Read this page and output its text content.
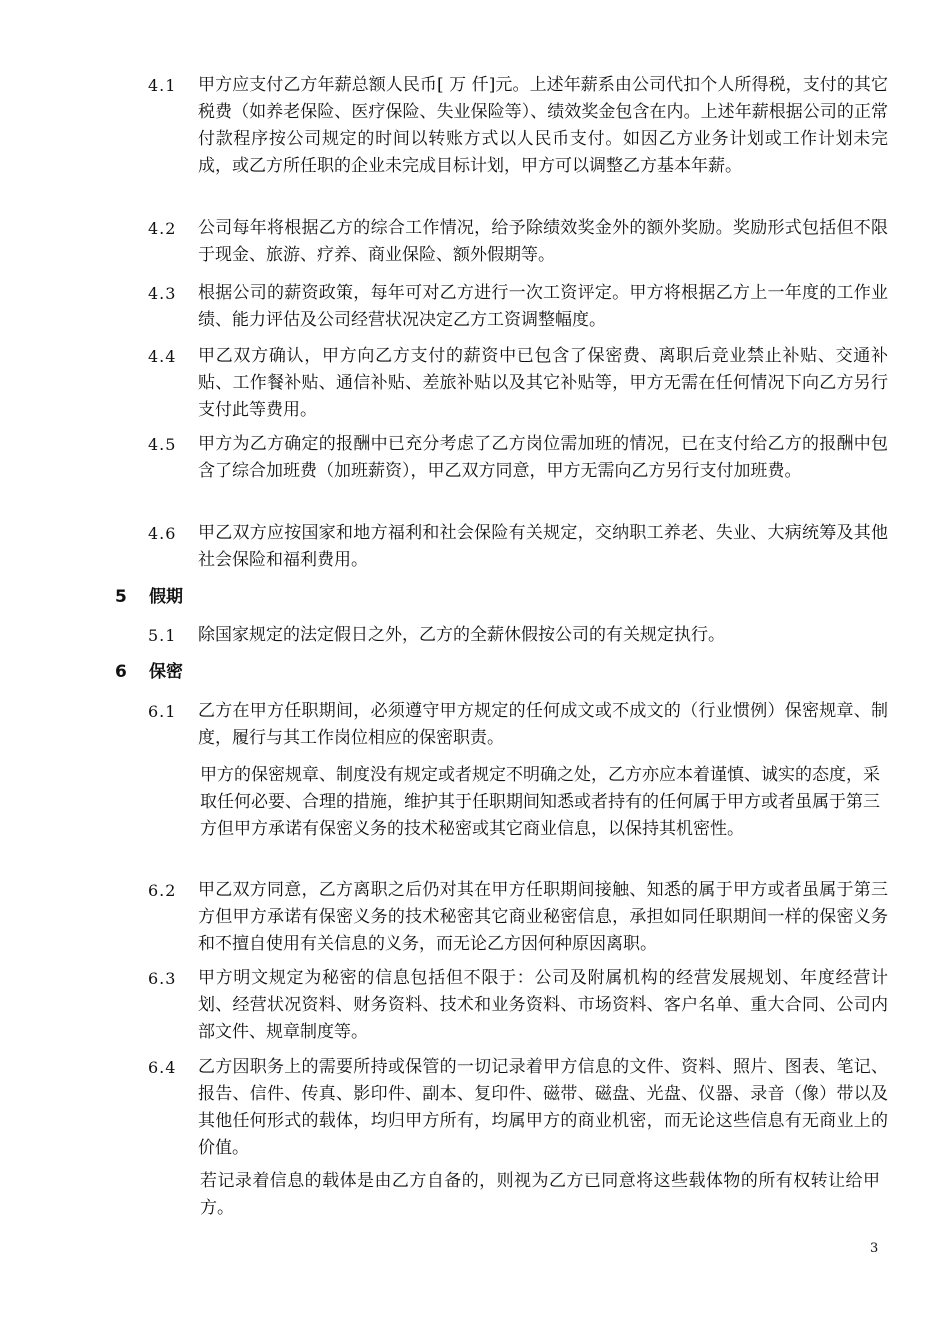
4.1 甲方应支付乙方年薪总额人民币[ 万 仟]元。上述年薪系由公司代扣个人所得税，支付的其它税费（如养老保险、医疗保险、失业保险等）、绩效奖金包含在内。上述年薪根据公司的正常付款程序按公司规定的时间以转账方式以人民币支付。如因乙方业务计划或工作计划未完成，或乙方所任职的企业未完成目标计划，甲方可以调整乙方基本年薪。
4.2 公司每年将根据乙方的综合工作情况，给予除绩效奖金外的额外奖励。奖励形式包括但不限于现金、旅游、疗养、商业保险、额外假期等。
4.3 根据公司的薪资政策，每年可对乙方进行一次工资评定。甲方将根据乙方上一年度的工作业绩、能力评估及公司经营状况决定乙方工资调整幅度。
4.4 甲乙双方确认，甲方向乙方支付的薪资中已包含了保密费、离职后竞业禁止补贴、交通补贴、工作餐补贴、通信补贴、差旅补贴以及其它补贴等，甲方无需在任何情况下向乙方另行支付此等费用。
4.5 甲方为乙方确定的报酬中已充分考虑了乙方岗位需加班的情况，已在支付给乙方的报酬中包含了综合加班费（加班薪资），甲乙双方同意，甲方无需向乙方另行支付加班费。
4.6 甲乙双方应按国家和地方福利和社会保险有关规定，交纳职工养老、失业、大病统筹及其他社会保险和福利费用。
5 假期
5.1 除国家规定的法定假日之外，乙方的全薪休假按公司的有关规定执行。
6 保密
6.1 乙方在甲方任职期间，必须遵守甲方规定的任何成文或不成文的（行业惯例）保密规章、制度，履行与其工作岗位相应的保密职责。
甲方的保密规章、制度没有规定或者规定不明确之处，乙方亦应本着谨慎、诚实的态度，采取任何必要、合理的措施，维护其于任职期间知悉或者持有的任何属于甲方或者虽属于第三方但甲方承诺有保密义务的技术秘密或其它商业信息，以保持其机密性。
6.2 甲乙双方同意，乙方离职之后仍对其在甲方任职期间接触、知悉的属于甲方或者虽属于第三方但甲方承诺有保密义务的技术秘密其它商业秘密信息，承担如同任职期间一样的保密义务和不擅自使用有关信息的义务，而无论乙方因何种原因离职。
6.3 甲方明文规定为秘密的信息包括但不限于：公司及附属机构的经营发展规划、年度经营计划、经营状况资料、财务资料、技术和业务资料、市场资料、客户名单、重大合同、公司内部文件、规章制度等。
6.4 乙方因职务上的需要所持或保管的一切记录着甲方信息的文件、资料、照片、图表、笔记、报告、信件、传真、影印件、副本、复印件、磁带、磁盘、光盘、仪器、录音（像）带以及其他任何形式的载体，均归甲方所有，均属甲方的商业机密，而无论这些信息有无商业上的价值。
若记录着信息的载体是由乙方自备的，则视为乙方已同意将这些载体物的所有权转让给甲方。
3
